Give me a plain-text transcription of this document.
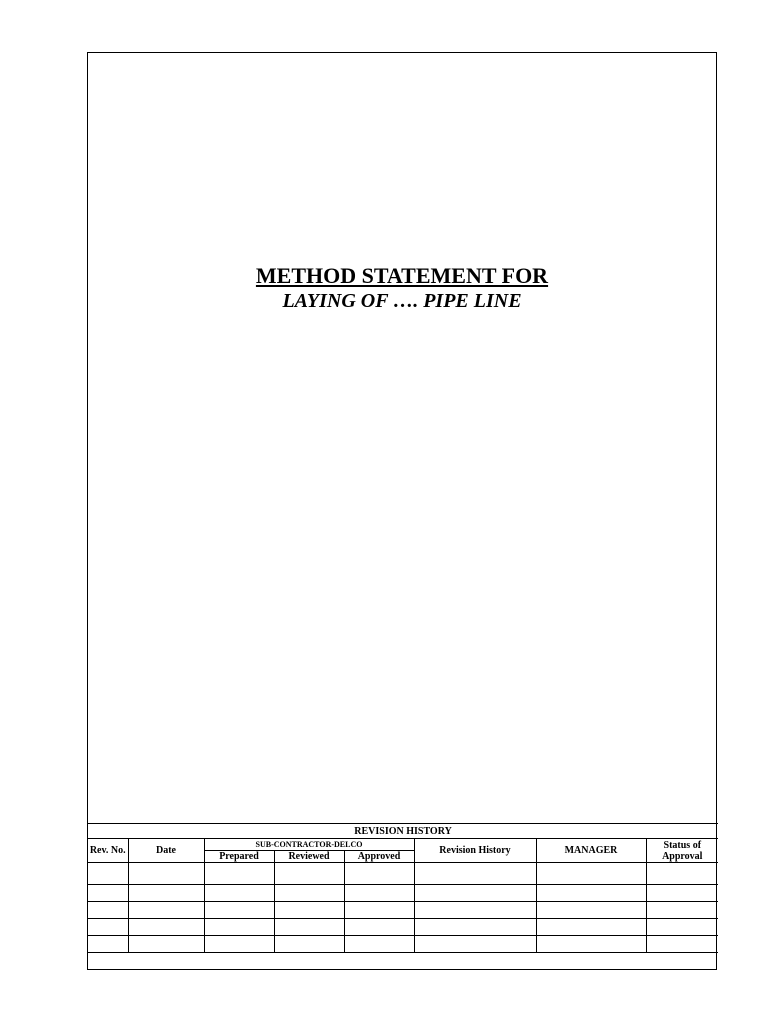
METHOD STATEMENT FOR
LAYING OF …. PIPE LINE
REVISION HISTORY							
Rev. No.	Date	SUB-CONTRACTOR-DELCO			Revision History	MANAGER	Status of Approval
		Prepared	Reviewed	Approved			
